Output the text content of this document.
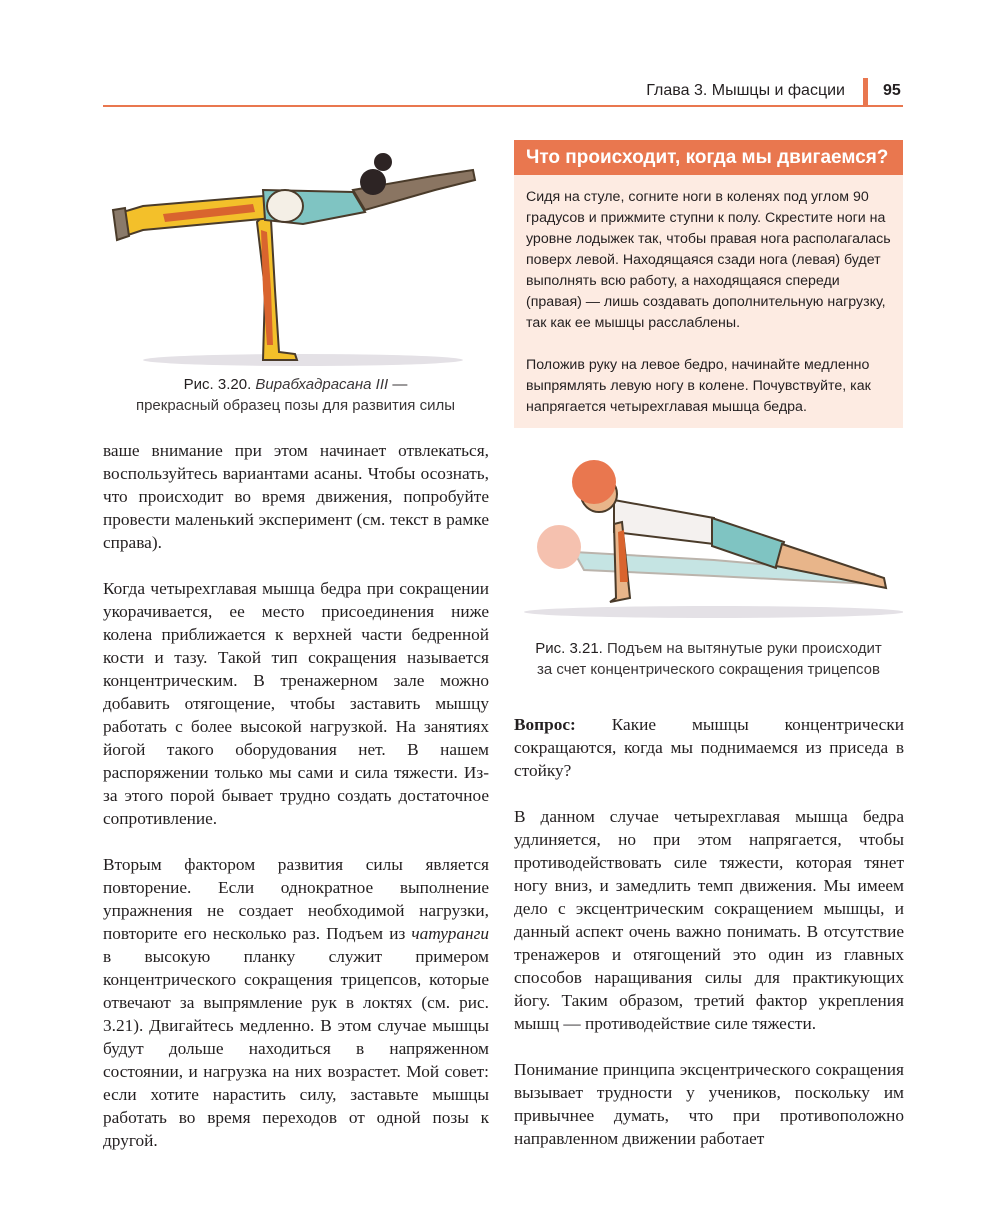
Глава 3. Мышцы и фасции 95
Рис. 3.20. Вирабхадрасана III —
прекрасный образец позы для развития силы

ваше внимание при этом начинает отвлекаться, воспользуйтесь вариантами асаны. Чтобы осознать, что происходит во время движения, попробуйте провести маленький эксперимент (см. текст в рамке справа).

Когда четырехглавая мышца бедра при сокращении укорачивается, ее место присоединения ниже колена приближается к верхней части бедренной кости и тазу. Такой тип сокращения называется концентрическим. В тренажерном зале можно добавить отягощение, чтобы заставить мышцу работать с более высокой нагрузкой. На занятиях йогой такого оборудования нет. В нашем распоряжении только мы сами и сила тяжести. Из-за этого порой бывает трудно создать достаточное сопротивление.

Вторым фактором развития силы является повторение. Если однократное выполнение упражнения не создает необходимой нагрузки, повторите его несколько раз. Подъем из чатуранги в высокую планку служит примером концентрического сокращения трицепсов, которые отвечают за выпрямление рук в локтях (см. рис. 3.21). Двигайтесь медленно. В этом случае мышцы будут дольше находиться в напряженном состоянии, и нагрузка на них возрастет. Мой совет: если хотите нарастить силу, заставьте мышцы работать во время переходов от одной позы к другой.

Что происходит, когда мы двигаемся?

Сидя на стуле, согните ноги в коленях под углом 90 градусов и прижмите ступни к полу. Скрестите ноги на уровне лодыжек так, чтобы правая нога располагалась поверх левой. Находящаяся сзади нога (левая) будет выполнять всю работу, а находящаяся спереди (правая) — лишь создавать дополнительную нагрузку, так как ее мышцы расслаблены.

Положив руку на левое бедро, начинайте медленно выпрямлять левую ногу в колене. Почувствуйте, как напрягается четырехглавая мышца бедра.

Рис. 3.21. Подъем на вытянутые руки происходит
за счет концентрического сокращения трицепсов

Вопрос: Какие мышцы концентрически сокращаются, когда мы поднимаемся из приседа в стойку?

В данном случае четырехглавая мышца бедра удлиняется, но при этом напрягается, чтобы противодействовать силе тяжести, которая тянет ногу вниз, и замедлить темп движения. Мы имеем дело с эксцентрическим сокращением мышцы, и данный аспект очень важно понимать. В отсутствие тренажеров и отягощений это один из главных способов наращивания силы для практикующих йогу. Таким образом, третий фактор укрепления мышц — противодействие силе тяжести.

Понимание принципа эксцентрического сокращения вызывает трудности у учеников, поскольку им привычнее думать, что при противоположно направленном движении работает
